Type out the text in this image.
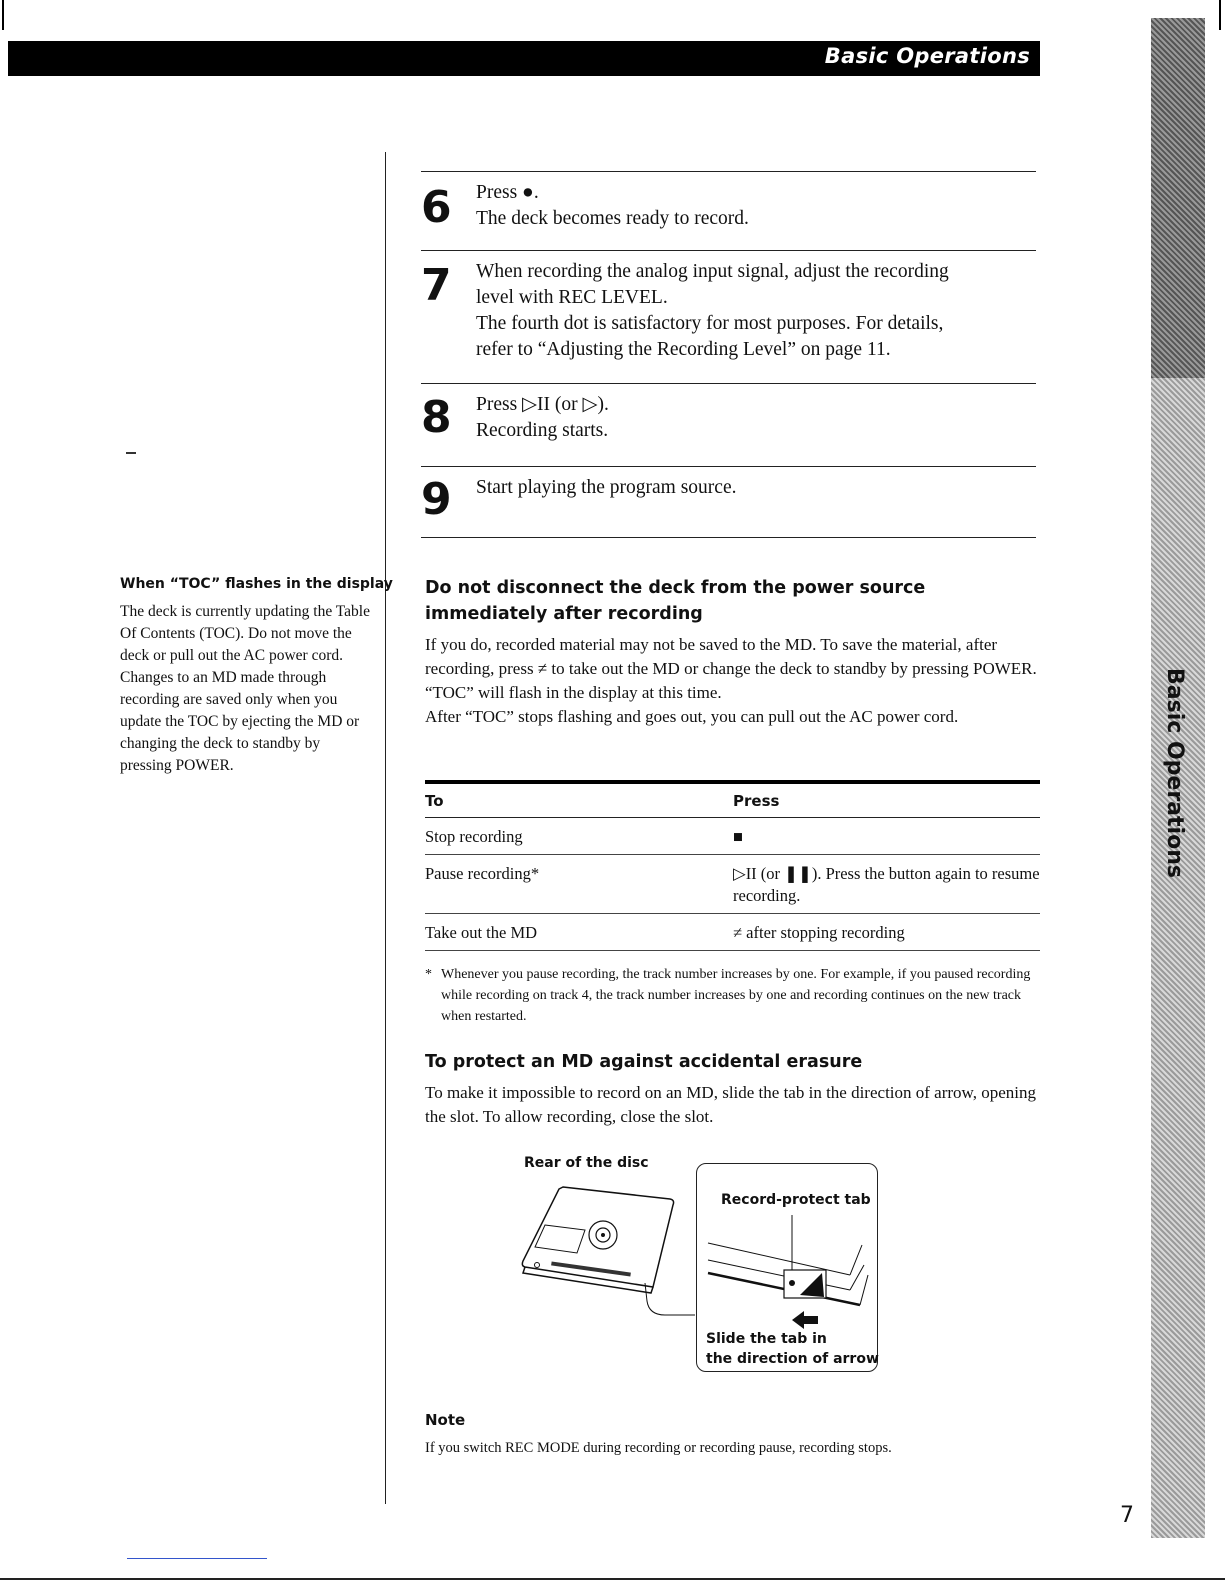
Basic Operations
Basic Operations
6 Press ●.
The deck becomes ready to record.
7 When recording the analog input signal, adjust the recording
level with REC LEVEL.
The fourth dot is satisfactory for most purposes. For details,
refer to “Adjusting the Recording Level” on page 11.
8 Press ▷II (or ▷).
Recording starts.
9 Start playing the program source.
When “TOC” flashes in the display
The deck is currently updating the Table Of Contents (TOC). Do not move the deck or pull out the AC power cord. Changes to an MD made through recording are saved only when you update the TOC by ejecting the MD or changing the deck to standby by pressing POWER.
Do not disconnect the deck from the power source immediately after recording
If you do, recorded material may not be saved to the MD. To save the material, after recording, press ≠ to take out the MD or change the deck to standby by pressing POWER. “TOC” will flash in the display at this time.
After “TOC” stops flashing and goes out, you can pull out the AC power cord.
To	Press
Stop recording	■
Pause recording*	▷II (or ❚❚). Press the button again to resume recording.
Take out the MD	≠ after stopping recording
* Whenever you pause recording, the track number increases by one. For example, if you paused recording while recording on track 4, the track number increases by one and recording continues on the new track when restarted.
To protect an MD against accidental erasure
To make it impossible to record on an MD, slide the tab in the direction of arrow, opening the slot. To allow recording, close the slot.
Rear of the disc
Record-protect tab
Slide the tab in
the direction of arrow
Note
If you switch REC MODE during recording or recording pause, recording stops.
7
